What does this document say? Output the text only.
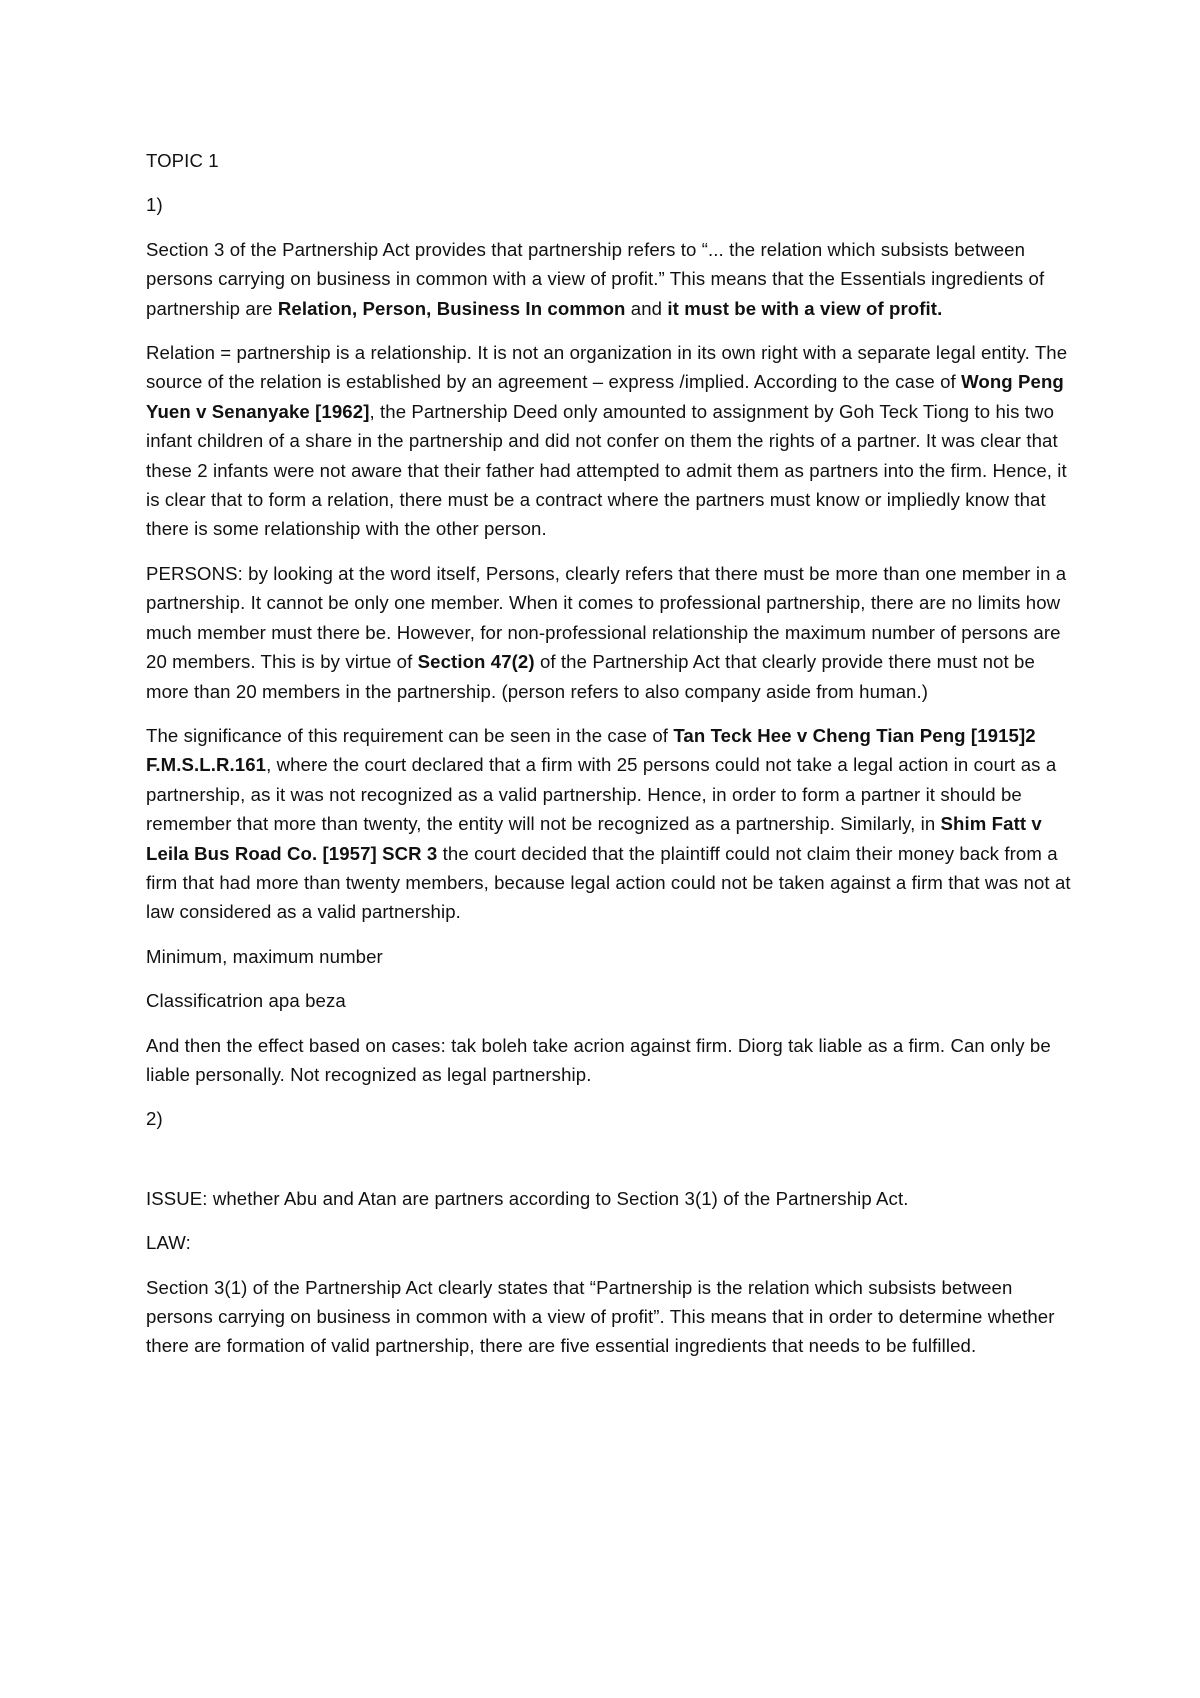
TOPIC 1

1)

Section 3 of the Partnership Act provides that partnership refers to “... the relation which subsists between persons carrying on business in common with a view of profit.” This means that the Essentials ingredients of partnership are Relation, Person, Business In common and it must be with a view of profit.

Relation = partnership is a relationship. It is not an organization in its own right with a separate legal entity. The source of the relation is established by an agreement – express /implied. According to the case of Wong Peng Yuen v Senanyake [1962], the Partnership Deed only amounted to assignment by Goh Teck Tiong to his two infant children of a share in the partnership and did not confer on them the rights of a partner. It was clear that these 2 infants were not aware that their father had attempted to admit them as partners into the firm. Hence, it is clear that to form a relation, there must be a contract where the partners must know or impliedly know that there is some relationship with the other person.

PERSONS: by looking at the word itself, Persons, clearly refers that there must be more than one member in a partnership. It cannot be only one member. When it comes to professional partnership, there are no limits how much member must there be. However, for non-professional relationship the maximum number of persons are 20 members. This is by virtue of Section 47(2) of the Partnership Act that clearly provide there must not be more than 20 members in the partnership. (person refers to also company aside from human.)

The significance of this requirement can be seen in the case of Tan Teck Hee v Cheng Tian Peng [1915]2 F.M.S.L.R.161, where the court declared that a firm with 25 persons could not take a legal action in court as a partnership, as it was not recognized as a valid partnership. Hence, in order to form a partner it should be remember that more than twenty, the entity will not be recognized as a partnership. Similarly, in Shim Fatt v Leila Bus Road Co. [1957] SCR 3 the court decided that the plaintiff could not claim their money back from a firm that had more than twenty members, because legal action could not be taken against a firm that was not at law considered as a valid partnership.

Minimum, maximum number

Classificatrion apa beza

And then the effect based on cases: tak boleh take acrion against firm. Diorg tak liable as a firm. Can only be liable personally. Not recognized as legal partnership.

2)

ISSUE: whether Abu and Atan are partners according to Section 3(1) of the Partnership Act.

LAW:

Section 3(1) of the Partnership Act clearly states that “Partnership is the relation which subsists between persons carrying on business in common with a view of profit”. This means that in order to determine whether there are formation of valid partnership, there are five essential ingredients that needs to be fulfilled.
